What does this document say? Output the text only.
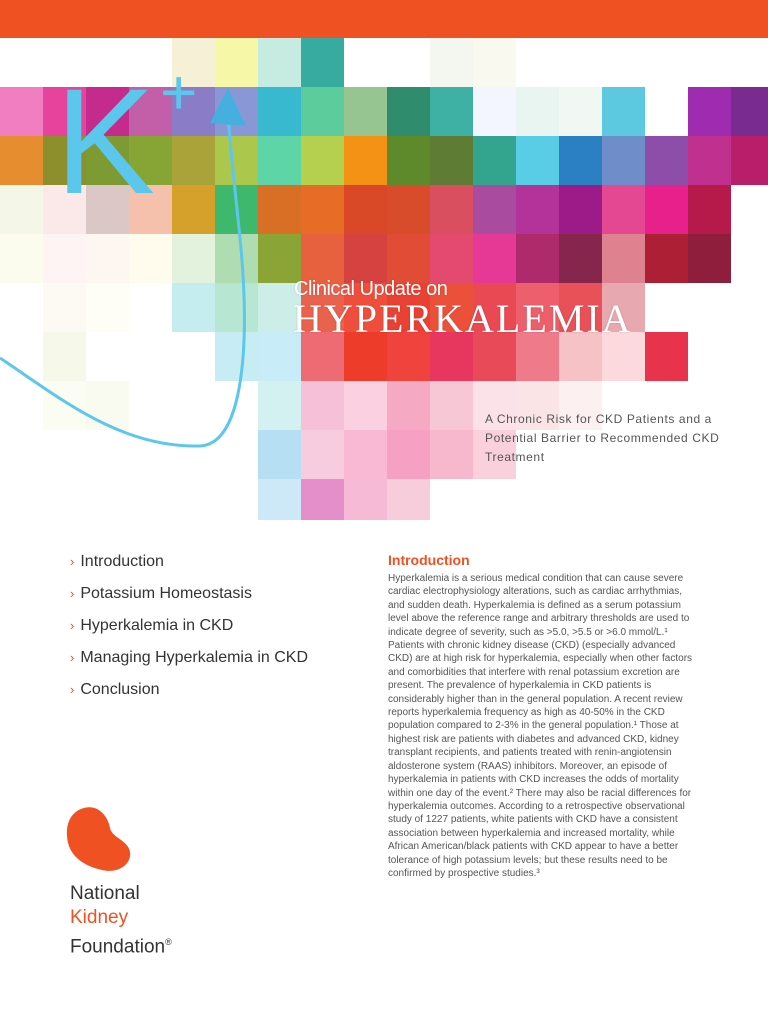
K +
Clinical Update on
HYPERKALEMIA
A Chronic Risk for CKD Patients and a Potential Barrier to Recommended CKD Treatment
› Introduction
› Potassium Homeostasis
› Hyperkalemia in CKD
› Managing Hyperkalemia in CKD
› Conclusion
National
Kidney
Foundation®
Introduction

Hyperkalemia is a serious medical condition that can cause severe cardiac electrophysiology alterations, such as cardiac arrhythmias, and sudden death. Hyperkalemia is defined as a serum potassium level above the reference range and arbitrary thresholds are used to indicate degree of severity, such as >5.0, >5.5 or >6.0 mmol/L.¹ Patients with chronic kidney disease (CKD) (especially advanced CKD) are at high risk for hyperkalemia, especially when other factors and comorbidities that interfere with renal potassium excretion are present. The prevalence of hyperkalemia in CKD patients is considerably higher than in the general population. A recent review reports hyperkalemia frequency as high as 40-50% in the CKD population compared to 2-3% in the general population.¹ Those at highest risk are patients with diabetes and advanced CKD, kidney transplant recipients, and patients treated with renin-angiotensin aldosterone system (RAAS) inhibitors. Moreover, an episode of hyperkalemia in patients with CKD increases the odds of mortality within one day of the event.² There may also be racial differences for hyperkalemia outcomes. According to a retrospective observational study of 1227 patients, white patients with CKD have a consistent association between hyperkalemia and increased mortality, while African American/black patients with CKD appear to have a better tolerance of high potassium levels; but these results need to be confirmed by prospective studies.³
